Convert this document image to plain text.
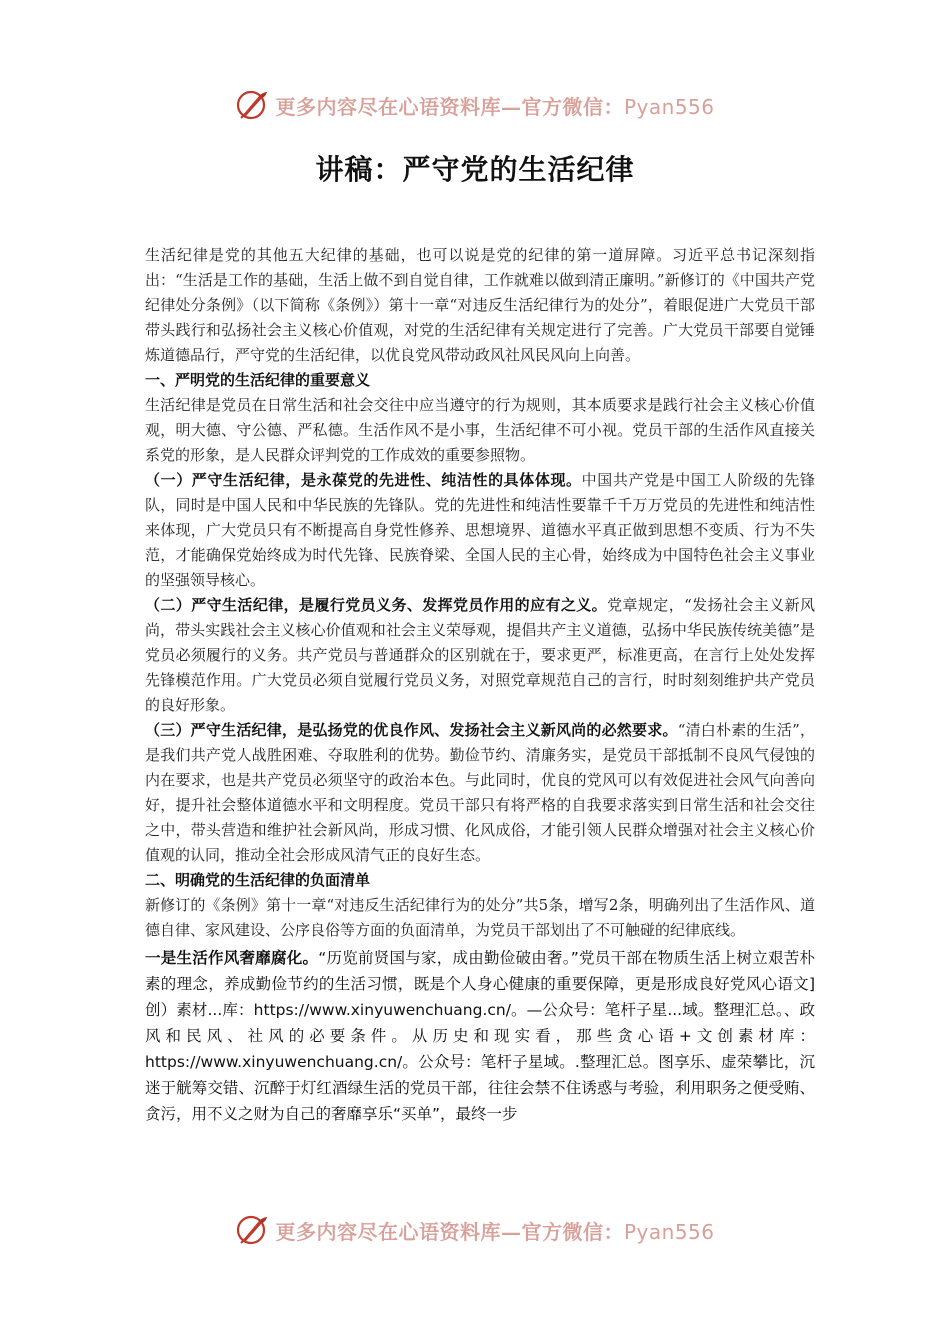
更多内容尽在心语资料库—官方微信：Pyan556
讲稿：严守党的生活纪律

生活纪律是党的其他五大纪律的基础，也可以说是党的纪律的第一道屏障。习近平总书记深刻指出：“生活是工作的基础，生活上做不到自觉自律，工作就难以做到清正廉明。”新修订的《中国共产党纪律处分条例》（以下简称《条例》）第十一章“对违反生活纪律行为的处分”，着眼促进广大党员干部带头践行和弘扬社会主义核心价值观，对党的生活纪律有关规定进行了完善。广大党员干部要自觉锤炼道德品行，严守党的生活纪律，以优良党风带动政风社风民风向上向善。

一、严明党的生活纪律的重要意义

生活纪律是党员在日常生活和社会交往中应当遵守的行为规则，其本质要求是践行社会主义核心价值观，明大德、守公德、严私德。生活作风不是小事，生活纪律不可小视。党员干部的生活作风直接关系党的形象，是人民群众评判党的工作成效的重要参照物。

（一）严守生活纪律，是永葆党的先进性、纯洁性的具体体现。中国共产党是中国工人阶级的先锋队，同时是中国人民和中华民族的先锋队。党的先进性和纯洁性要靠千千万万党员的先进性和纯洁性来体现，广大党员只有不断提高自身党性修养、思想境界、道德水平真正做到思想不变质、行为不失范，才能确保党始终成为时代先锋、民族脊梁、全国人民的主心骨，始终成为中国特色社会主义事业的坚强领导核心。

（二）严守生活纪律，是履行党员义务、发挥党员作用的应有之义。党章规定，“发扬社会主义新风尚，带头实践社会主义核心价值观和社会主义荣辱观，提倡共产主义道德，弘扬中华民族传统美德”是党员必须履行的义务。共产党员与普通群众的区别就在于，要求更严，标准更高，在言行上处处发挥先锋模范作用。广大党员必须自觉履行党员义务，对照党章规范自己的言行，时时刻刻维护共产党员的良好形象。

（三）严守生活纪律，是弘扬党的优良作风、发扬社会主义新风尚的必然要求。“清白朴素的生活”，是我们共产党人战胜困难、夺取胜利的优势。勤俭节约、清廉务实，是党员干部抵制不良风气侵蚀的内在要求，也是共产党员必须坚守的政治本色。与此同时，优良的党风可以有效促进社会风气向善向好，提升社会整体道德水平和文明程度。党员干部只有将严格的自我要求落实到日常生活和社会交往之中，带头营造和维护社会新风尚，形成习惯、化风成俗，才能引领人民群众增强对社会主义核心价值观的认同，推动全社会形成风清气正的良好生态。

二、明确党的生活纪律的负面清单

新修订的《条例》第十一章“对违反生活纪律行为的处分”共5条，增写2条，明确列出了生活作风、道德自律、家风建设、公序良俗等方面的负面清单，为党员干部划出了不可触碰的纪律底线。

一是生活作风奢靡腐化。“历览前贤国与家，成由勤俭破由奢。”党员干部在物质生活上树立艰苦朴素的理念，养成勤俭节约的生活习惯，既是个人身心健康的重要保障，更是形成良好党风心语文]创）素材...库：https://www.xinyuwenchuang.cn/。—公众号：笔杆子星...域。整理汇总。、政风和民风、社风的必要条件。从历史和现实看，那些贪心语+文创素材库：https://www.xinyuwenchuang.cn/。公众号：笔杆子星域。.整理汇总。图享乐、虚荣攀比，沉迷于觥筹交错、沉醉于灯红酒绿生活的党员干部，往往会禁不住诱惑与考验，利用职务之便受贿、贪污，用不义之财为自己的奢靡享乐“买单”，最终一步

更多内容尽在心语资料库—官方微信：Pyan556
